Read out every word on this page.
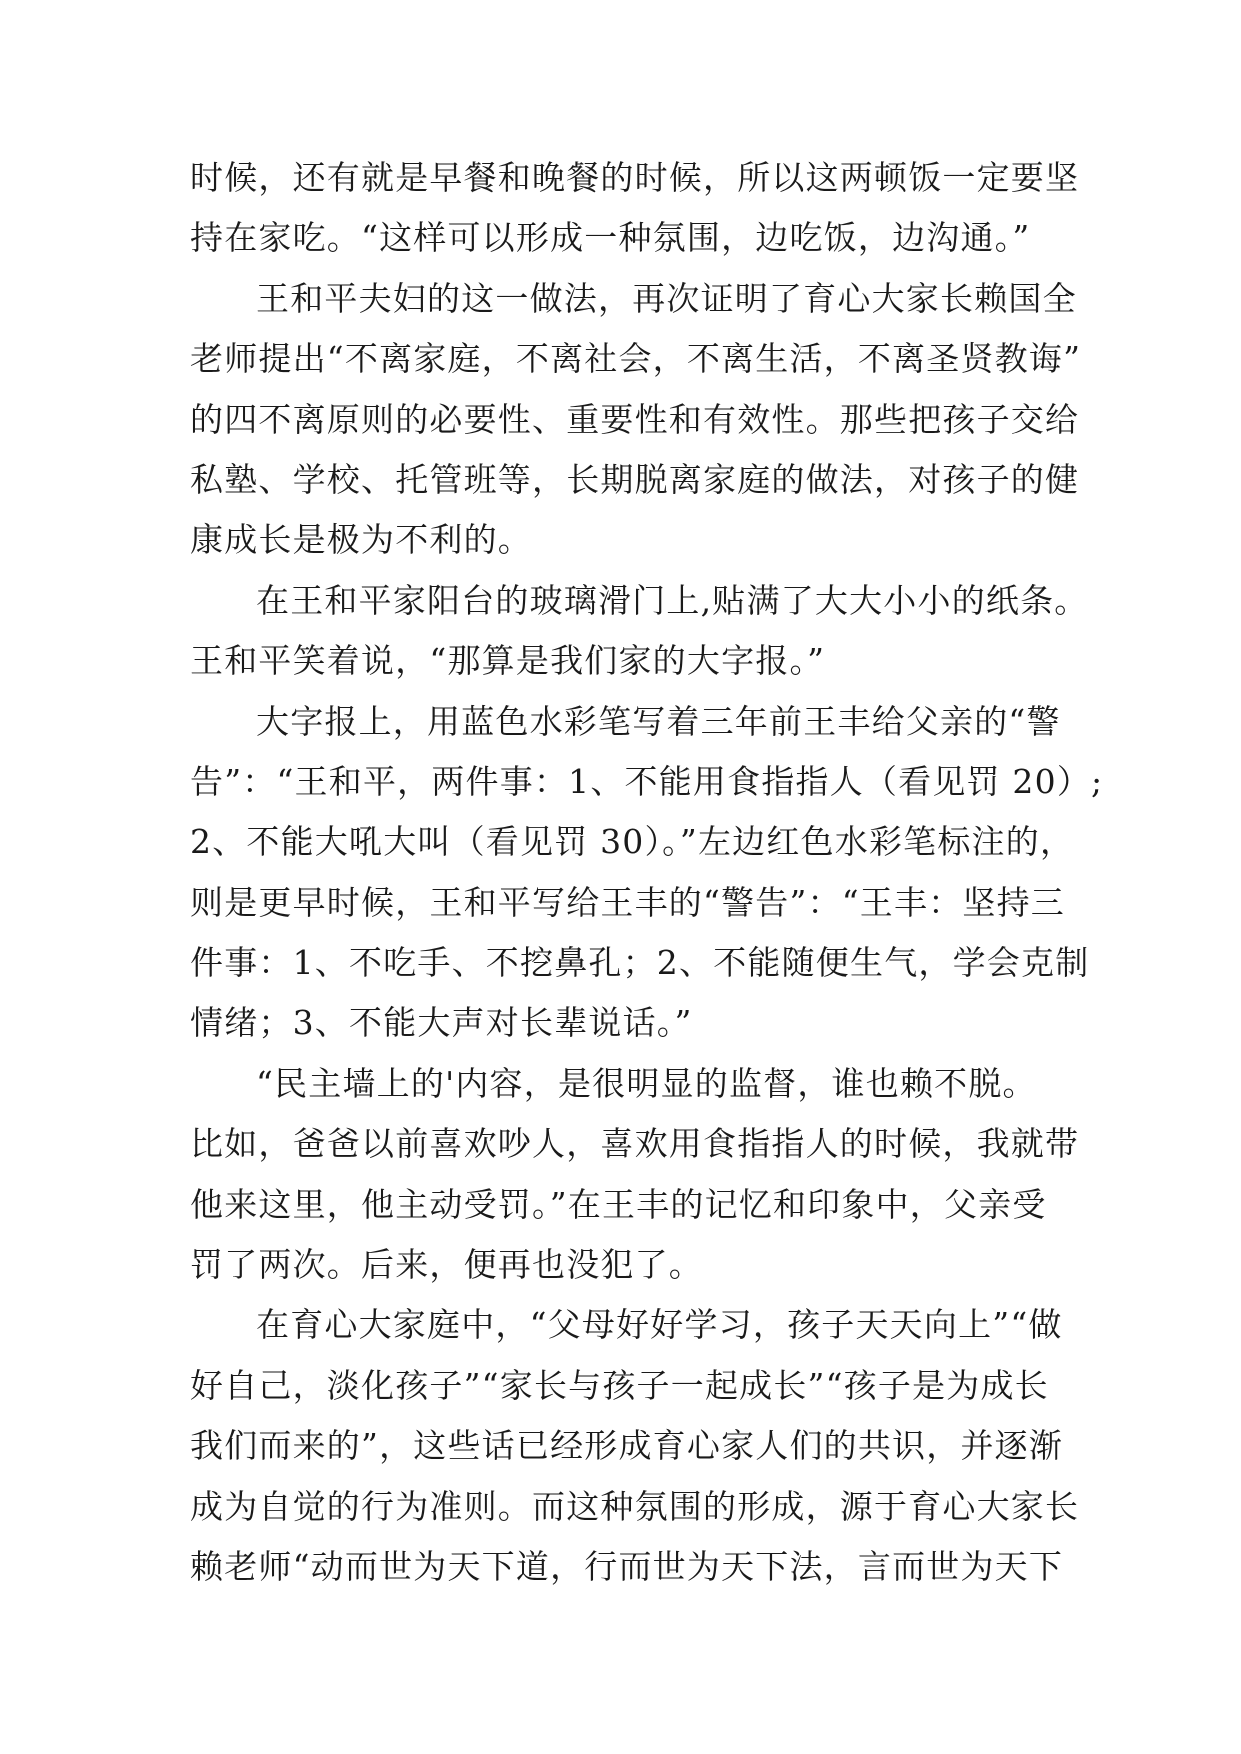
时候，还有就是早餐和晚餐的时候，所以这两顿饭一定要坚
持在家吃。“这样可以形成一种氛围，边吃饭，边沟通。”
王和平夫妇的这一做法，再次证明了育心大家长赖国全
老师提出“不离家庭，不离社会，不离生活，不离圣贤教诲”
的四不离原则的必要性、重要性和有效性。那些把孩子交给
私塾、学校、托管班等，长期脱离家庭的做法，对孩子的健
康成长是极为不利的。
在王和平家阳台的玻璃滑门上,贴满了大大小小的纸条。
王和平笑着说，“那算是我们家的大字报。”
大字报上，用蓝色水彩笔写着三年前王丰给父亲的“警
告”：“王和平，两件事：1、不能用食指指人（看见罚 20）;
2、不能大吼大叫（看见罚 30）。”左边红色水彩笔标注的，
则是更早时候，王和平写给王丰的“警告”：“王丰：坚持三
件事：1、不吃手、不挖鼻孔；2、不能随便生气，学会克制
情绪；3、不能大声对长辈说话。”
“民主墙上的'内容，是很明显的监督，谁也赖不脱。
比如，爸爸以前喜欢吵人，喜欢用食指指人的时候，我就带
他来这里，他主动受罚。”在王丰的记忆和印象中，父亲受
罚了两次。后来，便再也没犯了。
在育心大家庭中，“父母好好学习，孩子天天向上”“做
好自己，淡化孩子”“家长与孩子一起成长”“孩子是为成长
我们而来的”，这些话已经形成育心家人们的共识，并逐渐
成为自觉的行为准则。而这种氛围的形成，源于育心大家长
赖老师“动而世为天下道，行而世为天下法，言而世为天下
